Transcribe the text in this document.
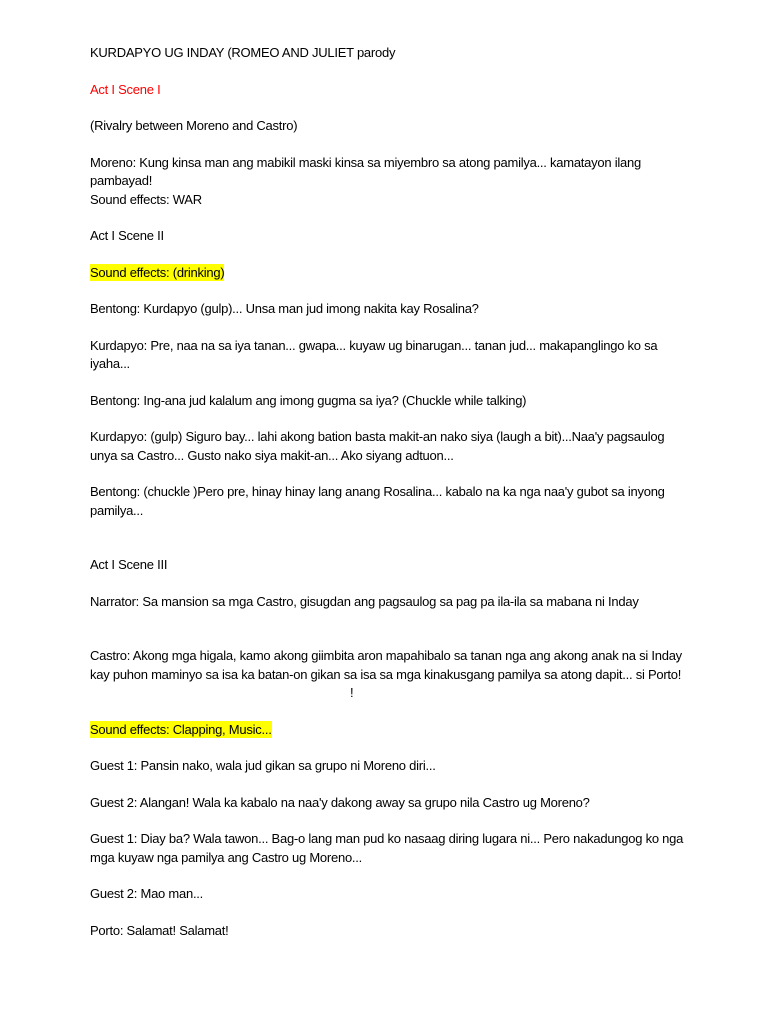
KURDAPYO UG INDAY (ROMEO AND JULIET parody

Act I Scene I

(Rivalry between Moreno and Castro)

Moreno: Kung kinsa man ang mabikil maski kinsa sa miyembro sa atong pamilya... kamatayon ilang pambayad!

Sound effects: WAR

Act I Scene II

Sound effects: (drinking)

Bentong: Kurdapyo (gulp)... Unsa man jud imong nakita kay Rosalina?

Kurdapyo: Pre, naa na sa iya tanan... gwapa... kuyaw ug binarugan... tanan jud... makapanglingo ko sa iyaha...

Bentong: Ing-ana jud kalalum ang imong gugma sa iya? (Chuckle while talking)

Kurdapyo: (gulp) Siguro bay... lahi akong bation basta makit-an nako siya (laugh a bit)...Naa'y pagsaulog unya sa Castro... Gusto nako siya makit-an... Ako siyang adtuon...

Bentong: (chuckle )Pero pre, hinay hinay lang anang Rosalina... kabalo na ka nga naa'y gubot sa inyong pamilya...

Act I Scene III

Narrator: Sa mansion sa mga Castro, gisugdan ang pagsaulog sa pag pa ila-ila sa mabana ni Inday

Castro: Akong mga higala, kamo akong giimbita aron mapahibalo sa tanan nga ang akong anak na si Inday kay puhon maminyo sa isa ka batan-on gikan sa isa sa mga kinakusgang pamilya sa atong dapit... si Porto!!

Sound effects: Clapping, Music...

Guest 1: Pansin nako, wala jud gikan sa grupo ni Moreno diri...

Guest 2: Alangan! Wala ka kabalo na naa'y dakong away sa grupo nila Castro ug Moreno?

Guest 1: Diay ba? Wala tawon... Bag-o lang man pud ko nasaag diring lugara ni... Pero nakadungog ko nga mga kuyaw nga pamilya ang Castro ug Moreno...

Guest 2: Mao man...

Porto: Salamat! Salamat!
